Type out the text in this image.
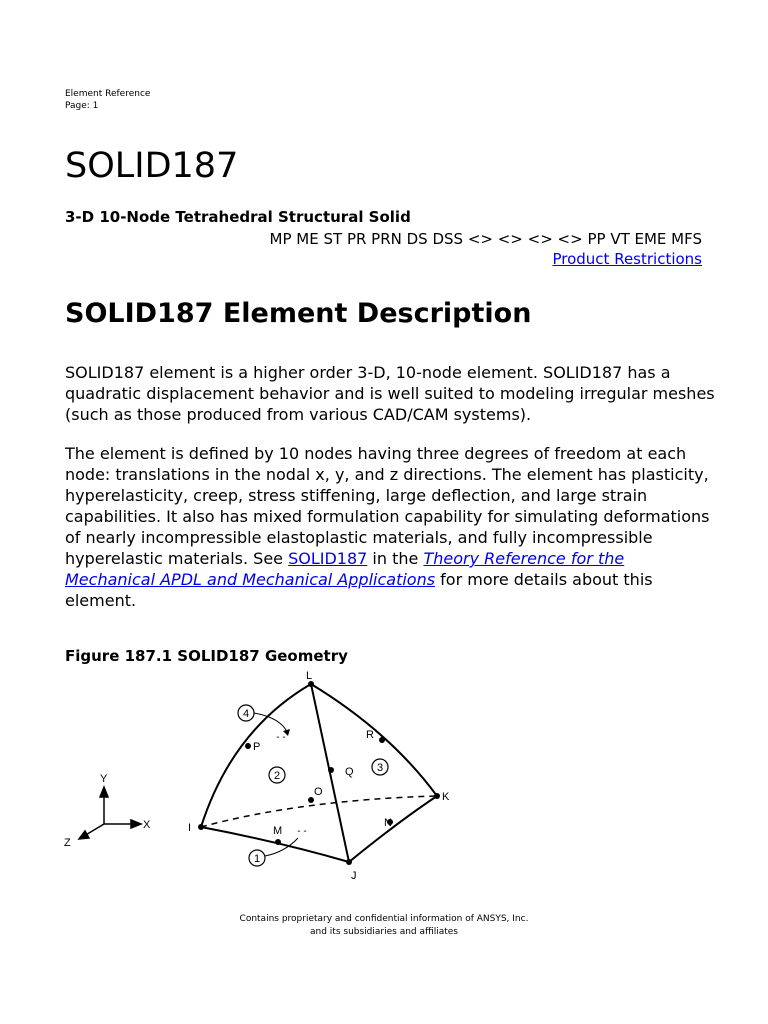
Element Reference
Page: 1
SOLID187
3-D 10-Node Tetrahedral Structural Solid
MP ME ST PR PRN DS DSS <> <> <> <> PP VT EME MFS
Product Restrictions
SOLID187 Element Description
SOLID187 element is a higher order 3-D, 10-node element. SOLID187 has a quadratic displacement behavior and is well suited to modeling irregular meshes (such as those produced from various CAD/CAM systems).
The element is defined by 10 nodes having three degrees of freedom at each node: translations in the nodal x, y, and z directions. The element has plasticity, hyperelasticity, creep, stress stiffening, large deflection, and large strain capabilities. It also has mixed formulation capability for simulating deformations of nearly incompressible elastoplastic materials, and fully incompressible hyperelastic materials. See SOLID187 in the Theory Reference for the Mechanical APDL and Mechanical Applications for more details about this element.
Figure 187.1 SOLID187 Geometry
L
P
R
Q
O	K
I	M
N
J
4
‑ ‑
2
3
1
‑ ‑
Y
X
Z
Contains proprietary and confidential information of ANSYS, Inc.
and its subsidiaries and affiliates
